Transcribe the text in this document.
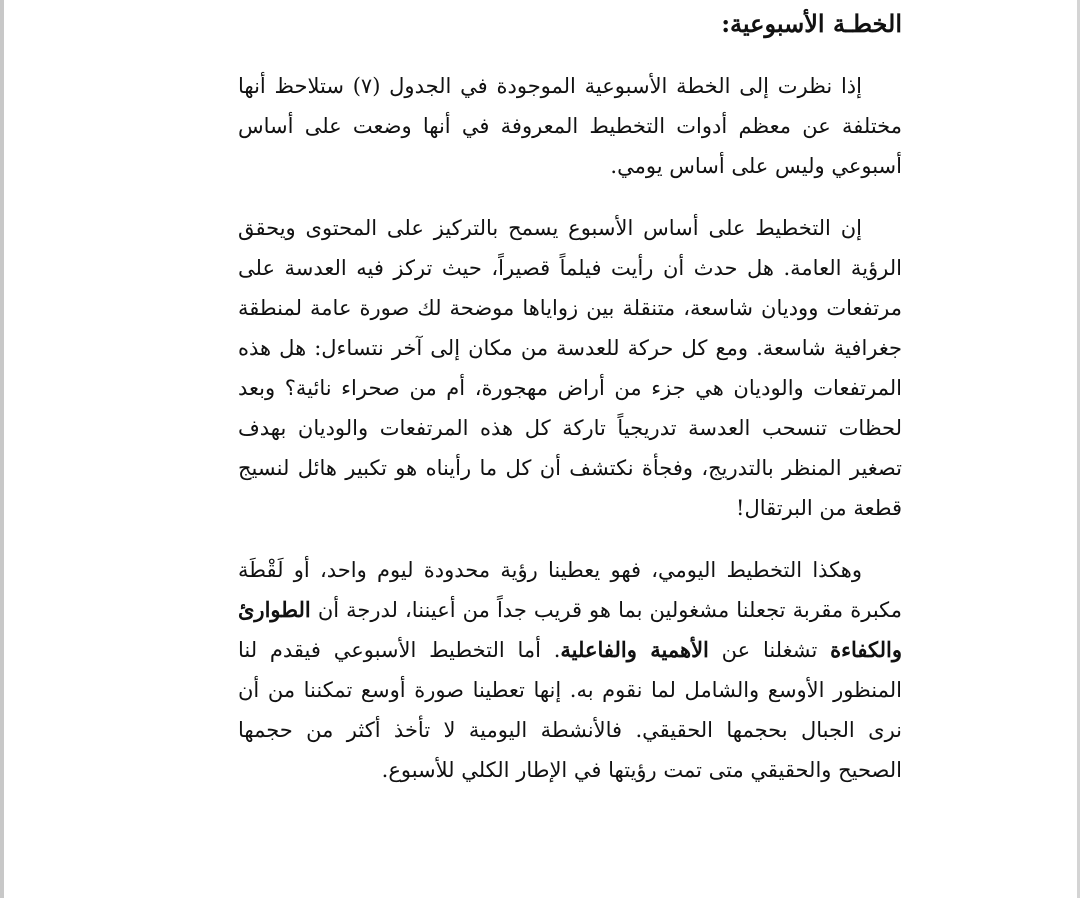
الخطـة الأسبوعية:

إذا نظرت إلى الخطة الأسبوعية الموجودة في الجدول (٧) ستلاحظ أنها مختلفة عن معظم أدوات التخطيط المعروفة في أنها وضعت على أساس أسبوعي وليس على أساس يومي.

إن التخطيط على أساس الأسبوع يسمح بالتركيز على المحتوى ويحقق الرؤية العامة. هل حدث أن رأيت فيلماً قصيراً، حيث تركز فيه العدسة على مرتفعات ووديان شاسعة، متنقلة بين زواياها موضحة لك صورة عامة لمنطقة جغرافية شاسعة. ومع كل حركة للعدسة من مكان إلى آخر نتساءل: هل هذه المرتفعات والوديان هي جزء من أراض مهجورة، أم من صحراء نائية؟ وبعد لحظات تنسحب العدسة تدريجياً تاركة كل هذه المرتفعات والوديان بهدف تصغير المنظر بالتدريج، وفجأة نكتشف أن كل ما رأيناه هو تكبير هائل لنسيج قطعة من البرتقال!

وهكذا التخطيط اليومي، فهو يعطينا رؤية محدودة ليوم واحد، أو لَقْطَة مكبرة مقربة تجعلنا مشغولين بما هو قريب جداً من أعيننا، لدرجة أن الطوارئ والكفاءة تشغلنا عن الأهمية والفاعلية. أما التخطيط الأسبوعي فيقدم لنا المنظور الأوسع والشامل لما نقوم به. إنها تعطينا صورة أوسع تمكننا من أن نرى الجبال بحجمها الحقيقي. فالأنشطة اليومية لا تأخذ أكثر من حجمها الصحيح والحقيقي متى تمت رؤيتها في الإطار الكلي للأسبوع.
